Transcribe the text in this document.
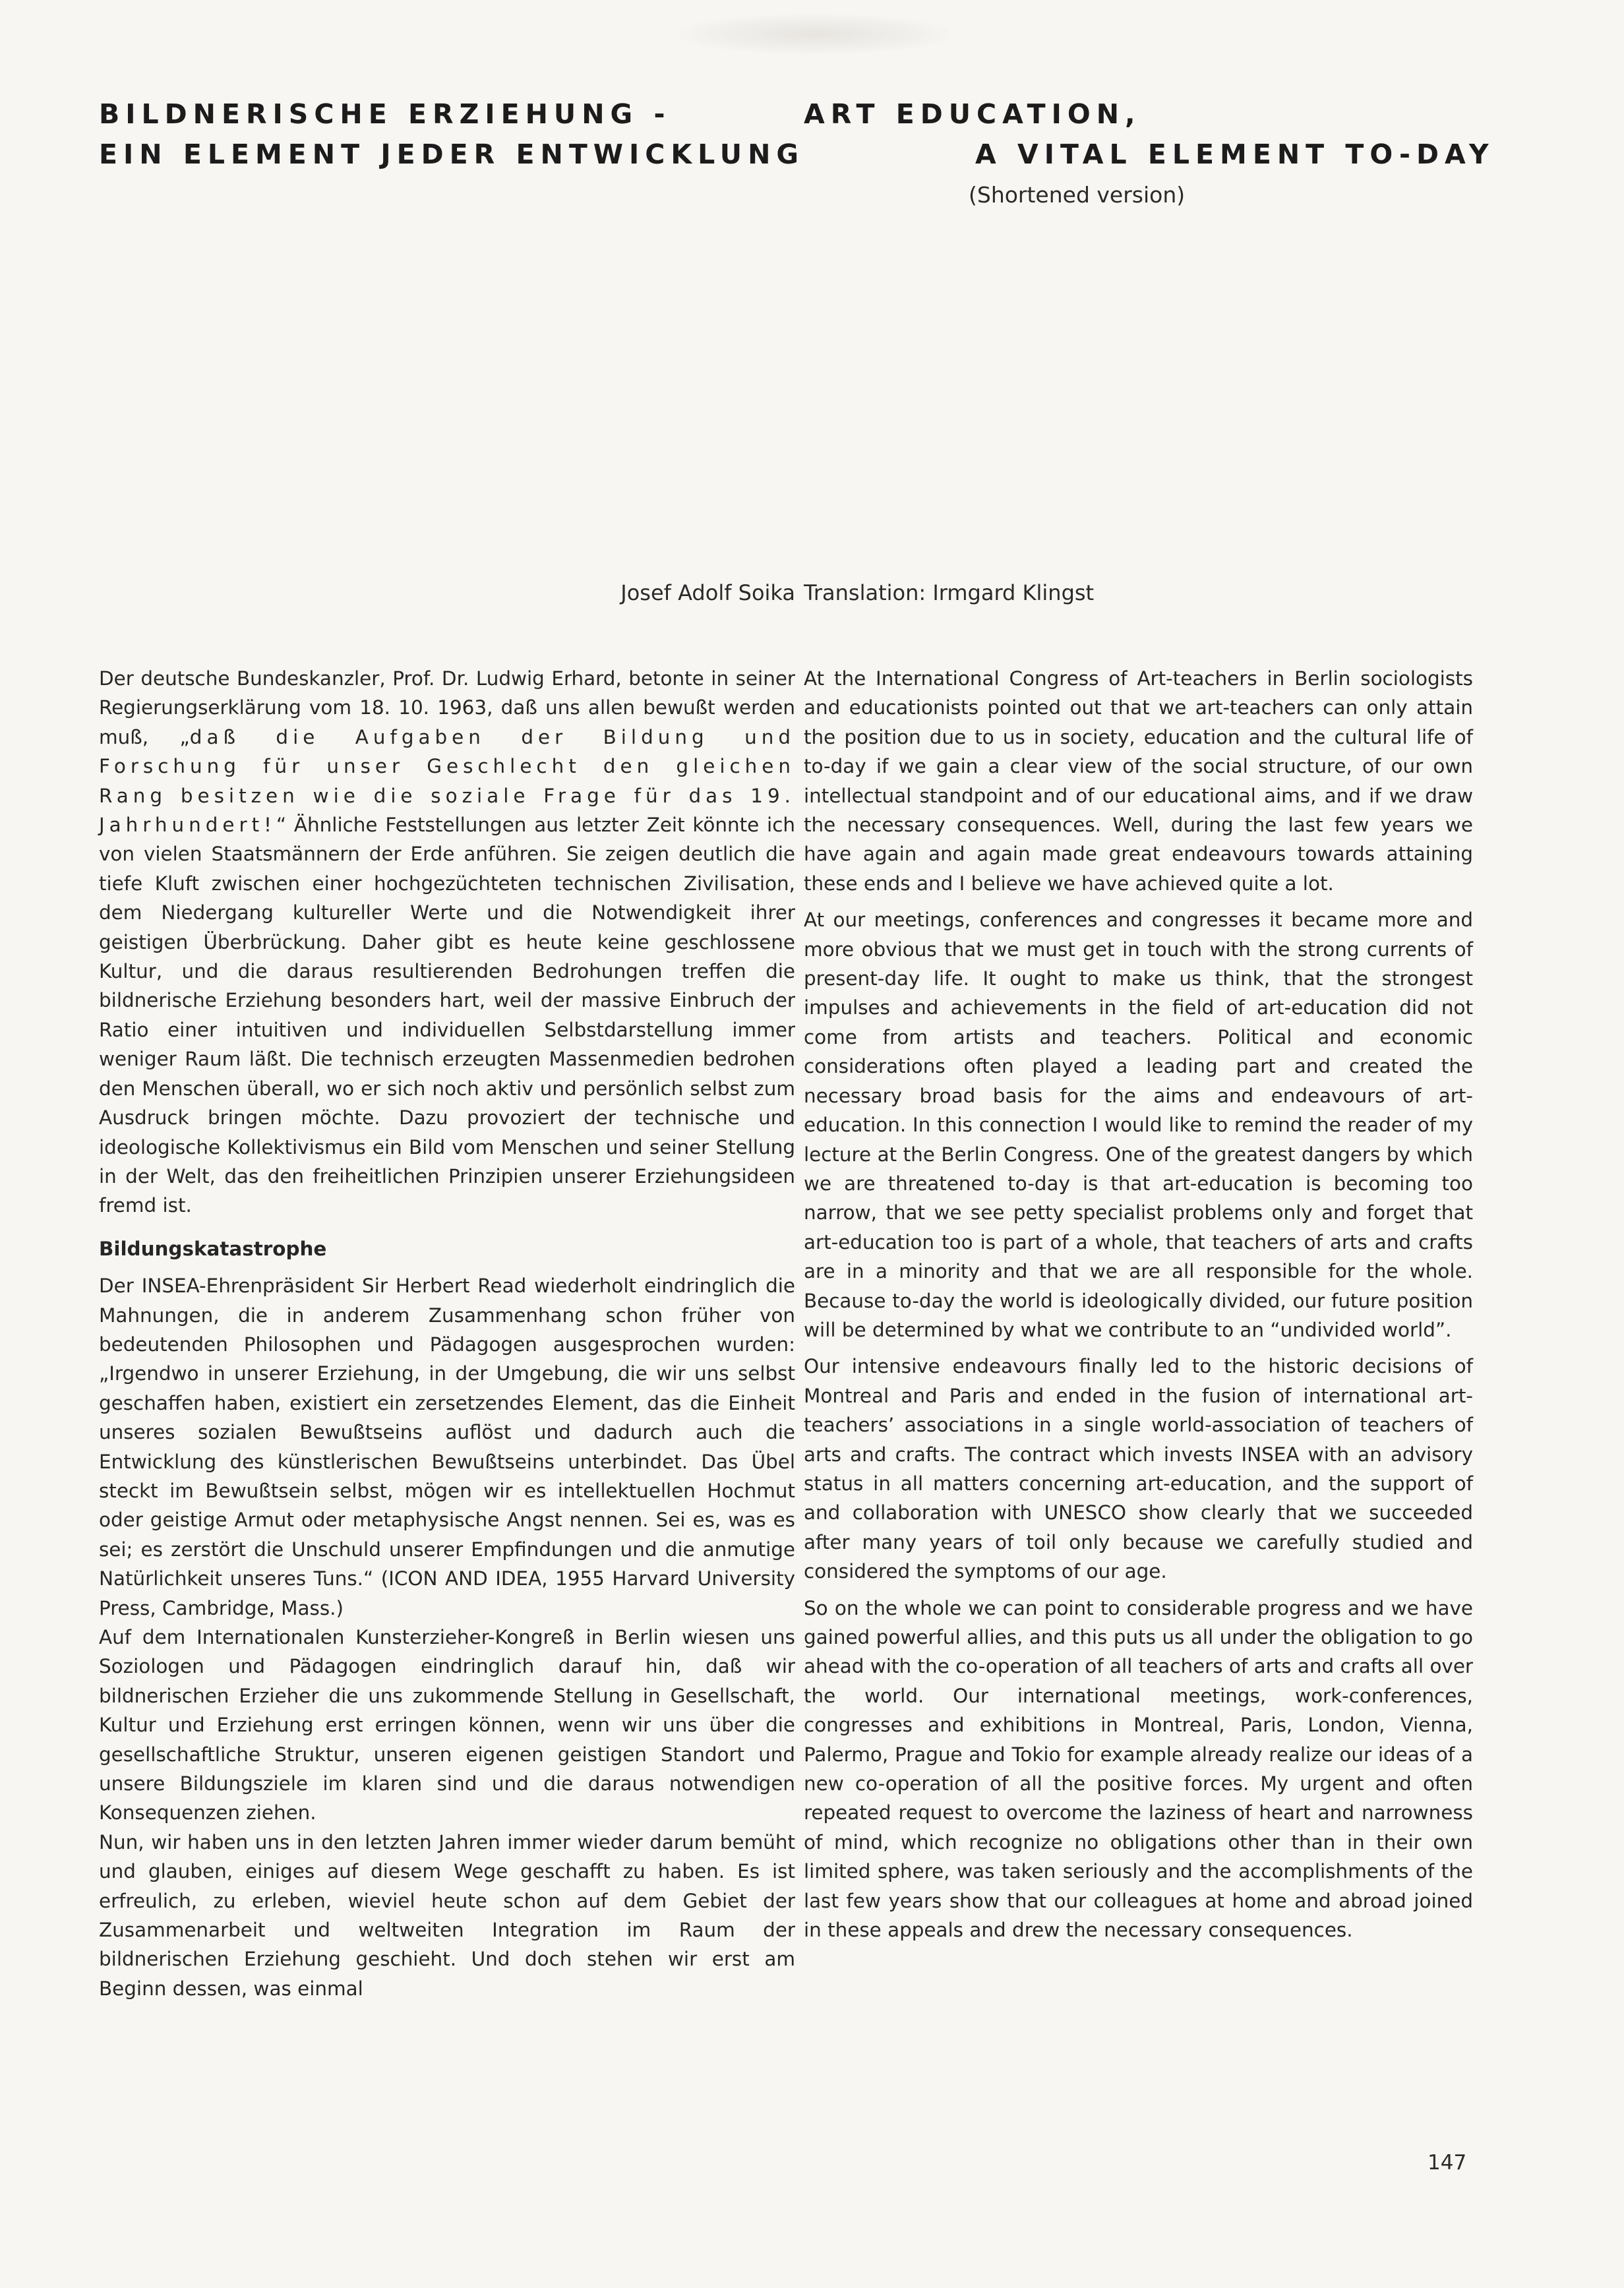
BILDNERISCHE ERZIEHUNG -
EIN ELEMENT JEDER ENTWICKLUNG
Josef Adolf Soika

Der deutsche Bundeskanzler, Prof. Dr. Ludwig Erhard, betonte in seiner Regierungserklärung vom 18. 10. 1963, daß uns allen bewußt werden muß, „daß die Aufgaben der Bildung und Forschung für unser Geschlecht den gleichen Rang besitzen wie die soziale Frage für das 19. Jahrhundert!“ Ähnliche Feststellungen aus letzter Zeit könnte ich von vielen Staatsmännern der Erde anführen. Sie zeigen deutlich die tiefe Kluft zwischen einer hochgezüchteten technischen Zivilisation, dem Niedergang kultureller Werte und die Notwendigkeit ihrer geistigen Überbrückung. Daher gibt es heute keine geschlossene Kultur, und die daraus resultierenden Bedrohungen treffen die bildnerische Erziehung besonders hart, weil der massive Einbruch der Ratio einer intuitiven und individuellen Selbstdarstellung immer weniger Raum läßt. Die technisch erzeugten Massenmedien bedrohen den Menschen überall, wo er sich noch aktiv und persönlich selbst zum Ausdruck bringen möchte. Dazu provoziert der technische und ideologische Kollektivismus ein Bild vom Menschen und seiner Stellung in der Welt, das den freiheitlichen Prinzipien unserer Erziehungsideen fremd ist.

Bildungskatastrophe

Der INSEA-Ehrenpräsident Sir Herbert Read wiederholt eindringlich die Mahnungen, die in anderem Zusammenhang schon früher von bedeutenden Philosophen und Pädagogen ausgesprochen wurden: „Irgendwo in unserer Erziehung, in der Umgebung, die wir uns selbst geschaffen haben, existiert ein zersetzendes Element, das die Einheit unseres sozialen Bewußtseins auflöst und dadurch auch die Entwicklung des künstlerischen Bewußtseins unterbindet. Das Übel steckt im Bewußtsein selbst, mögen wir es intellektuellen Hochmut oder geistige Armut oder metaphysische Angst nennen. Sei es, was es sei; es zerstört die Unschuld unserer Empfindungen und die anmutige Natürlichkeit unseres Tuns.“ (ICON AND IDEA, 1955 Harvard University Press, Cambridge, Mass.)

Auf dem Internationalen Kunsterzieher-Kongreß in Berlin wiesen uns Soziologen und Pädagogen eindringlich darauf hin, daß wir bildnerischen Erzieher die uns zukommende Stellung in Gesellschaft, Kultur und Erziehung erst erringen können, wenn wir uns über die gesellschaftliche Struktur, unseren eigenen geistigen Standort und unsere Bildungsziele im klaren sind und die daraus notwendigen Konsequenzen ziehen.

Nun, wir haben uns in den letzten Jahren immer wieder darum bemüht und glauben, einiges auf diesem Wege geschafft zu haben. Es ist erfreulich, zu erleben, wieviel heute schon auf dem Gebiet der Zusammenarbeit und weltweiten Integration im Raum der bildnerischen Erziehung geschieht. Und doch stehen wir erst am Beginn dessen, was einmal

ART EDUCATION,
A VITAL ELEMENT TO-DAY
(Shortened version)
Translation: Irmgard Klingst

At the International Congress of Art-teachers in Berlin sociologists and educationists pointed out that we art-teachers can only attain the position due to us in society, education and the cultural life of to-day if we gain a clear view of the social structure, of our own intellectual standpoint and of our educational aims, and if we draw the necessary consequences. Well, during the last few years we have again and again made great endeavours towards attaining these ends and I believe we have achieved quite a lot.

At our meetings, conferences and congresses it became more and more obvious that we must get in touch with the strong currents of present-day life. It ought to make us think, that the strongest impulses and achievements in the field of art-education did not come from artists and teachers. Political and economic considerations often played a leading part and created the necessary broad basis for the aims and endeavours of art-education. In this connection I would like to remind the reader of my lecture at the Berlin Congress. One of the greatest dangers by which we are threatened to-day is that art-education is becoming too narrow, that we see petty specialist problems only and forget that art-education too is part of a whole, that teachers of arts and crafts are in a minority and that we are all responsible for the whole. Because to-day the world is ideologically divided, our future position will be determined by what we contribute to an “undivided world”.

Our intensive endeavours finally led to the historic decisions of Montreal and Paris and ended in the fusion of international art-teachers’ associations in a single world-association of teachers of arts and crafts. The contract which invests INSEA with an advisory status in all matters concerning art-education, and the support of and collaboration with UNESCO show clearly that we succeeded after many years of toil only because we carefully studied and considered the symptoms of our age.

So on the whole we can point to considerable progress and we have gained powerful allies, and this puts us all under the obligation to go ahead with the co-operation of all teachers of arts and crafts all over the world. Our international meetings, work-conferences, congresses and exhibitions in Montreal, Paris, London, Vienna, Palermo, Prague and Tokio for example already realize our ideas of a new co-operation of all the positive forces. My urgent and often repeated request to overcome the laziness of heart and narrowness of mind, which recognize no obligations other than in their own limited sphere, was taken seriously and the accomplishments of the last few years show that our colleagues at home and abroad joined in these appeals and drew the necessary consequences.

147
